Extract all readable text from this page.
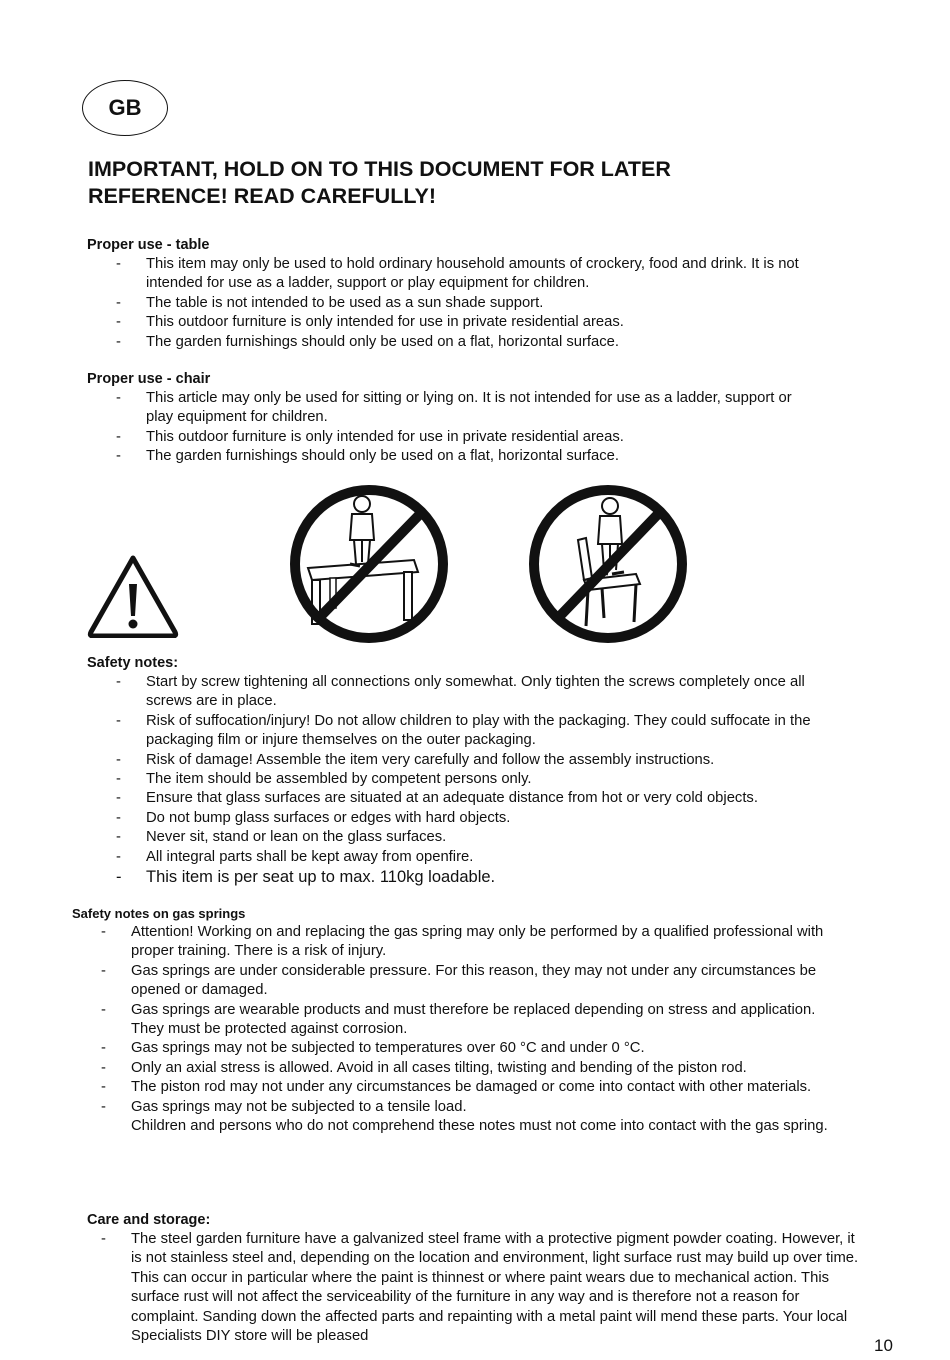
GB
IMPORTANT, HOLD ON TO THIS DOCUMENT FOR LATER REFERENCE! READ CAREFULLY!
Proper use - table
- This item may only be used to hold ordinary household amounts of crockery, food and drink. It is not intended for use as a ladder, support or play equipment for children.
- The table is not intended to be used as a sun shade support.
- This outdoor furniture is only intended for use in private residential areas.
- The garden furnishings should only be used on a flat, horizontal surface.
Proper use - chair
- This article may only be used for sitting or lying on. It is not intended for use as a ladder, support or play equipment for children.
- This outdoor furniture is only intended for use in private residential areas.
- The garden furnishings should only be used on a flat, horizontal surface.
Safety notes:
- Start by screw tightening all connections only somewhat. Only tighten the screws completely once all screws are in place.
- Risk of suffocation/injury! Do not allow children to play with the packaging. They could suffocate in the packaging film or injure themselves on the outer packaging.
- Risk of damage! Assemble the item very carefully and follow the assembly instructions.
- The item should be assembled by competent persons only.
- Ensure that glass surfaces are situated at an adequate distance from hot or very cold objects.
- Do not bump glass surfaces or edges with hard objects.
- Never sit, stand or lean on the glass surfaces.
- All integral parts shall be kept away from openfire.
- This item is per seat up to max. 110kg loadable.
Safety notes on gas springs
- Attention! Working on and replacing the gas spring may only be performed by a qualified professional with proper training. There is a risk of injury.
- Gas springs are under considerable pressure. For this reason, they may not under any circumstances be opened or damaged.
- Gas springs are wearable products and must therefore be replaced depending on stress and application. They must be protected against corrosion.
- Gas springs may not be subjected to temperatures over 60 °C and under 0 °C.
- Only an axial stress is allowed. Avoid in all cases tilting, twisting and bending of the piston rod.
- The piston rod may not under any circumstances be damaged or come into contact with other materials.
- Gas springs may not be subjected to a tensile load.
Children and persons who do not comprehend these notes must not come into contact with the gas spring.
Care and storage:
- The steel garden furniture have a galvanized steel frame with a protective pigment powder coating. However, it is not stainless steel and, depending on the location and environment, light surface rust may build up over time. This can occur in particular where the paint is thinnest or where paint wears due to mechanical action. This surface rust will not affect the serviceability of the furniture in any way and is therefore not a reason for complaint. Sanding down the affected parts and repainting with a metal paint will mend these parts. Your local Specialists DIY store will be pleased	10
